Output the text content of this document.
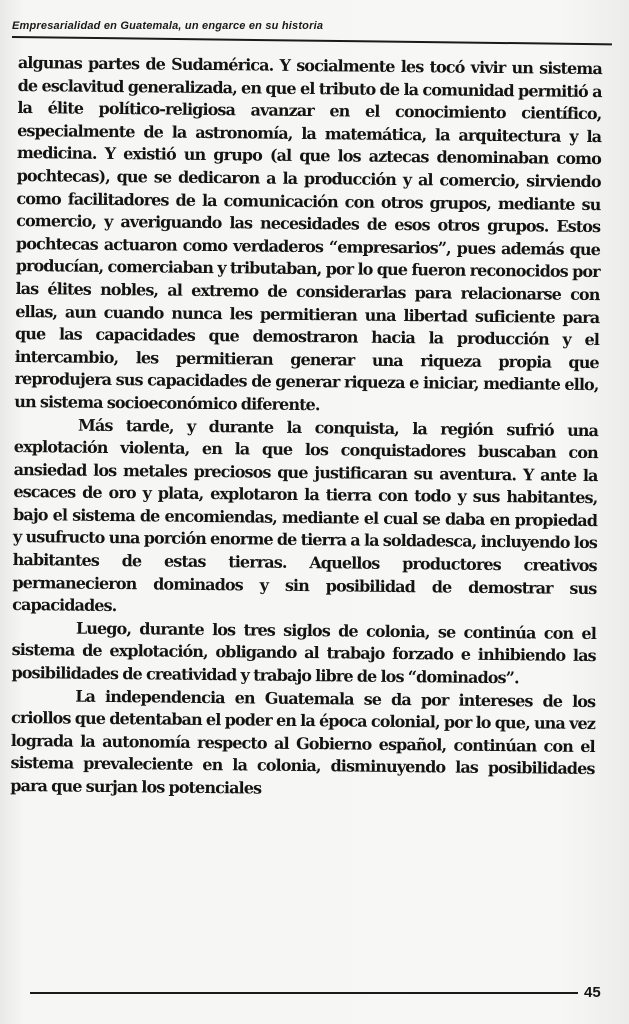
Empresarialidad en Guatemala, un engarce en su historia

algunas partes de Sudamérica. Y socialmente les tocó vivir un sistema de esclavitud generalizada, en que el tributo de la comunidad permitió a la élite político-religiosa avanzar en el conocimiento científico, especialmente de la astronomía, la matemática, la arquitectura y la medicina. Y existió un grupo (al que los aztecas denominaban como pochtecas), que se dedicaron a la producción y al comercio, sirviendo como facilitadores de la comunicación con otros grupos, mediante su comercio, y averiguando las necesidades de esos otros grupos. Estos pochtecas actuaron como verdaderos “empresarios”, pues además que producían, comerciaban y tributaban, por lo que fueron reconocidos por las élites nobles, al extremo de considerarlas para relacionarse con ellas, aun cuando nunca les permitieran una libertad suficiente para que las capacidades que demostraron hacia la producción y el intercambio, les permitieran generar una riqueza propia que reprodujera sus capacidades de generar riqueza e iniciar, mediante ello, un sistema socioeconómico diferente.

Más tarde, y durante la conquista, la región sufrió una explotación violenta, en la que los conquistadores buscaban con ansiedad los metales preciosos que justificaran su aventura. Y ante la escaces de oro y plata, explotaron la tierra con todo y sus habitantes, bajo el sistema de encomiendas, mediante el cual se daba en propiedad y usufructo una porción enorme de tierra a la soldadesca, incluyendo los habitantes de estas tierras. Aquellos productores creativos permanecieron dominados y sin posibilidad de demostrar sus capacidades.

Luego, durante los tres siglos de colonia, se continúa con el sistema de explotación, obligando al trabajo forzado e inhibiendo las posibilidades de creatividad y trabajo libre de los “dominados”.

La independencia en Guatemala se da por intereses de los criollos que detentaban el poder en la época colonial, por lo que, una vez lograda la autonomía respecto al Gobierno español, continúan con el sistema prevaleciente en la colonia, disminuyendo las posibilidades para que surjan los potenciales

45
